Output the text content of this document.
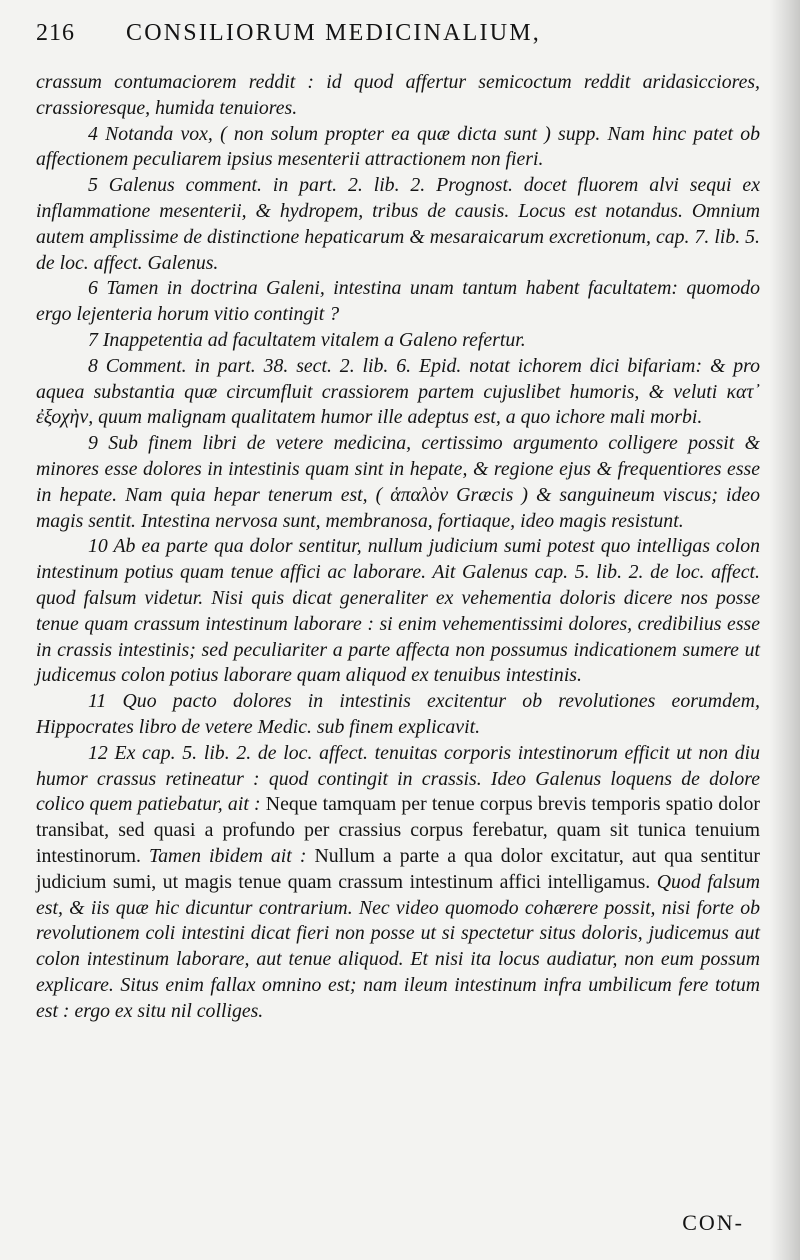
216	CONSILIORUM MEDICINALIUM,

crassum contumaciorem reddit : id quod affertur semicoctum reddit aridasicciores, crassioresque, humida tenuiores.

4 Notanda vox, ( non solum propter ea quæ dicta sunt ) supp. Nam hinc patet ob affectionem peculiarem ipsius mesenterii attractionem non fieri.

5 Galenus comment. in part. 2. lib. 2. Prognost. docet fluorem alvi sequi ex inflammatione mesenterii, & hydropem, tribus de causis. Locus est notandus. Omnium autem amplissime de distinctione hepaticarum & mesaraicarum excretionum, cap. 7. lib. 5. de loc. affect. Galenus.

6 Tamen in doctrina Galeni, intestina unam tantum habent facultatem: quomodo ergo lejenteria horum vitio contingit ?

7 Inappetentia ad facultatem vitalem a Galeno refertur.

8 Comment. in part. 38. sect. 2. lib. 6. Epid. notat ichorem dici bifariam: & pro aquea substantia quæ circumfluit crassiorem partem cujuslibet humoris, & veluti κατ᾽ ἐξοχὴν, quum malignam qualitatem humor ille adeptus est, a quo ichore mali morbi.

9 Sub finem libri de vetere medicina, certissimo argumento colligere possit & minores esse dolores in intestinis quam sint in hepate, & regione ejus & frequentiores esse in hepate. Nam quia hepar tenerum est, ( ἁπαλὸν Græcis ) & sanguineum viscus; ideo magis sentit. Intestina nervosa sunt, membranosa, fortiaque, ideo magis resistunt.

10 Ab ea parte qua dolor sentitur, nullum judicium sumi potest quo intelligas colon intestinum potius quam tenue affici ac laborare. Ait Galenus cap. 5. lib. 2. de loc. affect. quod falsum videtur. Nisi quis dicat generaliter ex vehementia doloris dicere nos posse tenue quam crassum intestinum laborare : si enim vehementissimi dolores, credibilius esse in crassis intestinis; sed peculiariter a parte affecta non possumus indicationem sumere ut judicemus colon potius laborare quam aliquod ex tenuibus intestinis.

11 Quo pacto dolores in intestinis excitentur ob revolutiones eorumdem, Hippocrates libro de vetere Medic. sub finem explicavit.

12 Ex cap. 5. lib. 2. de loc. affect. tenuitas corporis intestinorum efficit ut non diu humor crassus retineatur : quod contingit in crassis. Ideo Galenus loquens de dolore colico quem patiebatur, ait : Neque tamquam per tenue corpus brevis temporis spatio dolor transibat, sed quasi a profundo per crassius corpus ferebatur, quam sit tunica tenuium intestinorum. Tamen ibidem ait : Nullum a parte a qua dolor excitatur, aut qua sentitur judicium sumi, ut magis tenue quam crassum intestinum affici intelligamus. Quod falsum est, & iis quæ hic dicuntur contrarium. Nec video quomodo cohærere possit, nisi forte ob revolutionem coli intestini dicat fieri non posse ut si spectetur situs doloris, judicemus aut colon intestinum laborare, aut tenue aliquod. Et nisi ita locus audiatur, non eum possum explicare. Situs enim fallax omnino est; nam ileum intestinum infra umbilicum fere totum est : ergo ex situ nil colliges.

CON-
